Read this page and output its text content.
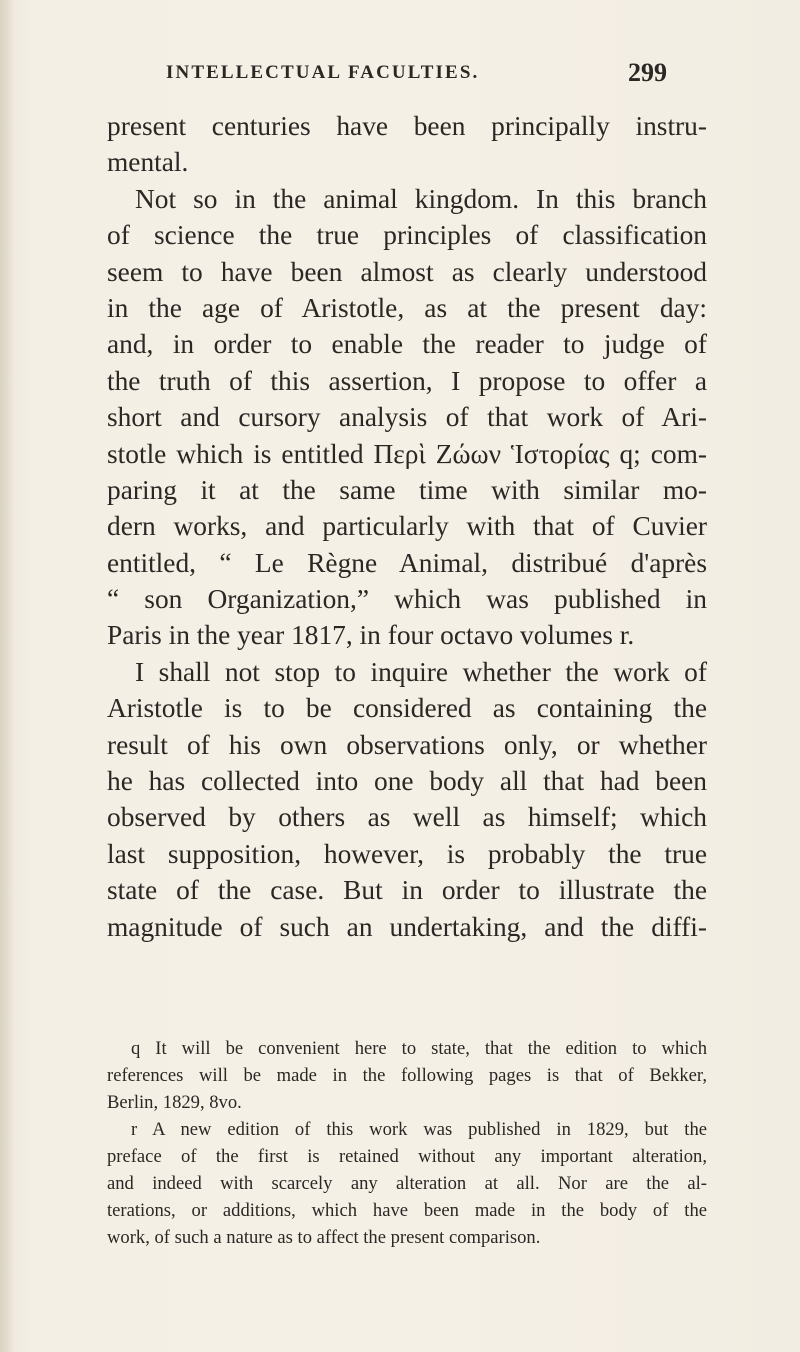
INTELLECTUAL FACULTIES.	299
present centuries have been principally instru-
mental.
Not so in the animal kingdom. In this branch
of science the true principles of classification
seem to have been almost as clearly understood
in the age of Aristotle, as at the present day:
and, in order to enable the reader to judge of
the truth of this assertion, I propose to offer a
short and cursory analysis of that work of Ari-
stotle which is entitled Περὶ Ζώων Ἱστορίας q; com-
paring it at the same time with similar mo-
dern works, and particularly with that of Cuvier
entitled, “ Le Règne Animal, distribué d'après
“ son Organization,” which was published in
Paris in the year 1817, in four octavo volumes r.
I shall not stop to inquire whether the work of
Aristotle is to be considered as containing the
result of his own observations only, or whether
he has collected into one body all that had been
observed by others as well as himself; which
last supposition, however, is probably the true
state of the case. But in order to illustrate the
magnitude of such an undertaking, and the diffi-
q It will be convenient here to state, that the edition to which
references will be made in the following pages is that of Bekker,
Berlin, 1829, 8vo.
r A new edition of this work was published in 1829, but the
preface of the first is retained without any important alteration,
and indeed with scarcely any alteration at all. Nor are the al-
terations, or additions, which have been made in the body of the
work, of such a nature as to affect the present comparison.
